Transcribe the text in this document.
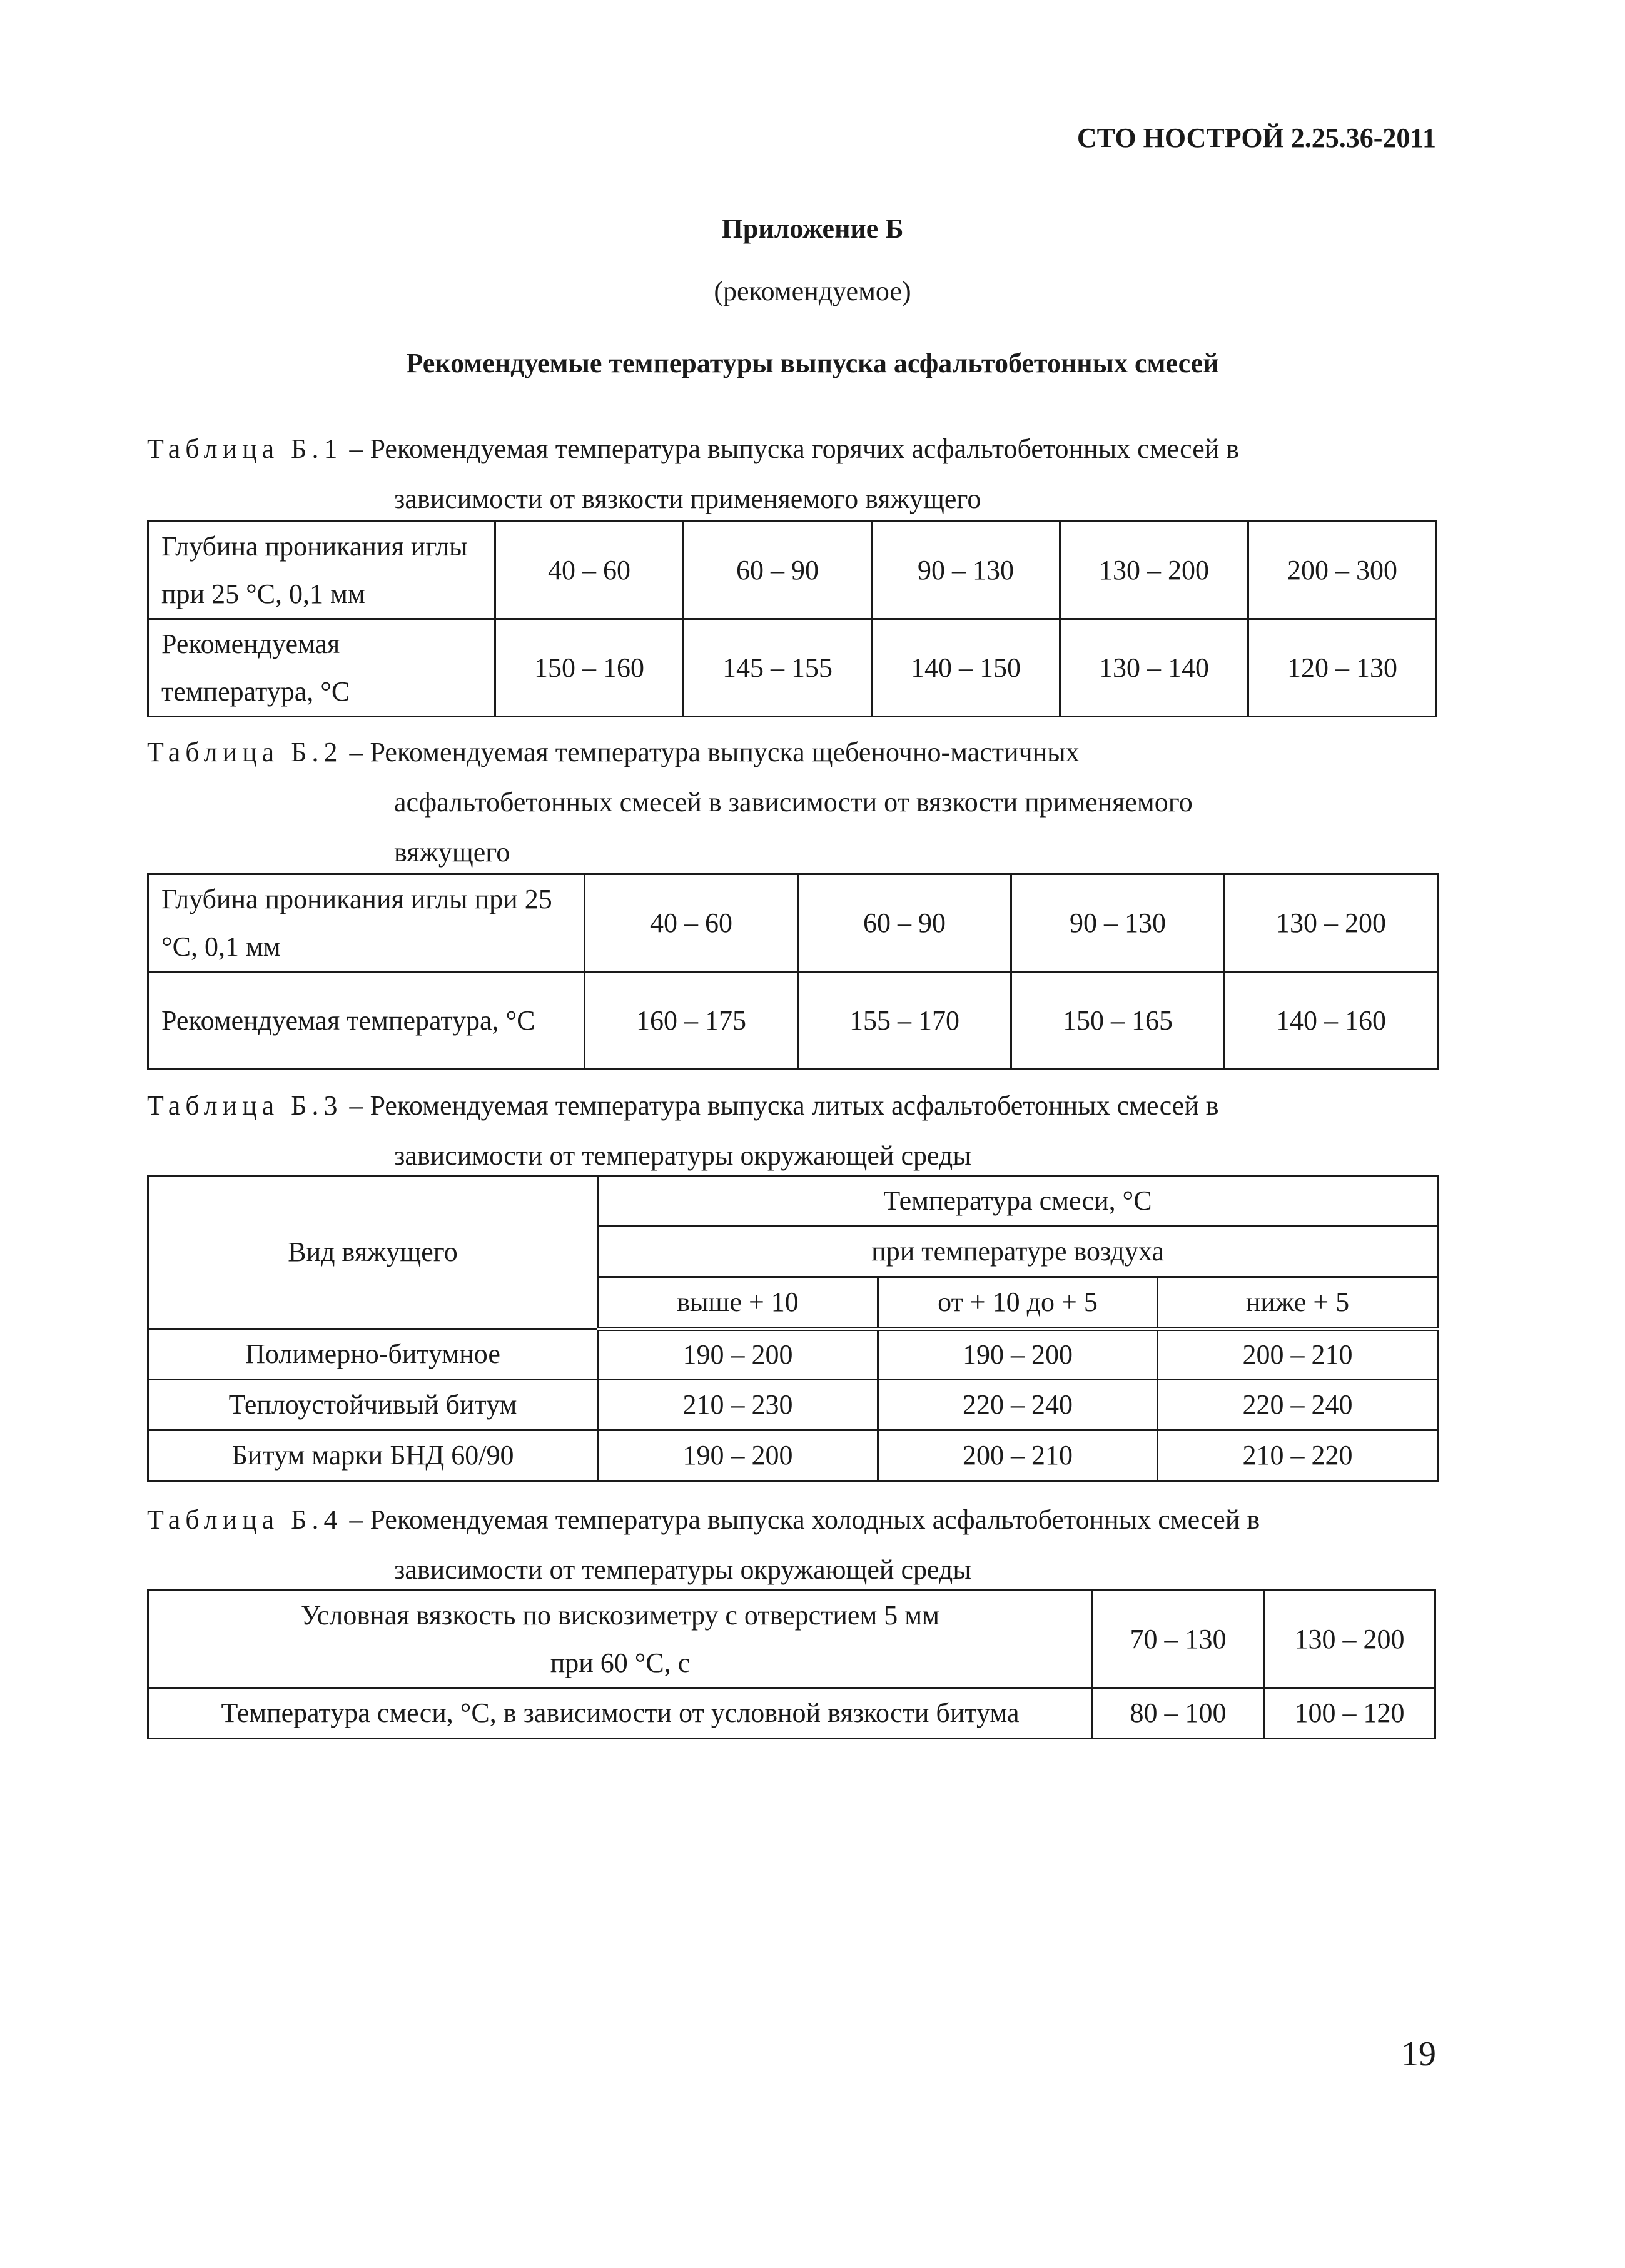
СТО НОСТРОЙ 2.25.36-2011
Приложение Б
(рекомендуемое)
Рекомендуемые температуры выпуска асфальтобетонных смесей
Таблица Б.1 – Рекомендуемая температура выпуска горячих асфальтобетонных смесей в
зависимости от вязкости применяемого вяжущего
Глубина проникания иглы при 25 °С, 0,1 мм	40 – 60	60 – 90	90 – 130	130 – 200	200 – 300
Рекомендуемая температура, °С	150 – 160	145 – 155	140 – 150	130 – 140	120 – 130
Таблица Б.2 – Рекомендуемая температура выпуска щебеночно-мастичных
асфальтобетонных смесей в зависимости от вязкости применяемого
вяжущего
Глубина проникания иглы при 25 °С, 0,1 мм	40 – 60	60 – 90	90 – 130	130 – 200
Рекомендуемая температура, °С	160 – 175	155 – 170	150 – 165	140 – 160
Таблица Б.3 – Рекомендуемая температура выпуска литых асфальтобетонных смесей в
зависимости от температуры окружающей среды
Вид вяжущего	Температура смеси, °С		
	при температуре воздуха		
	выше + 10	от + 10 до + 5	ниже + 5
Полимерно-битумное	190 – 200	190 – 200	200 – 210
Теплоустойчивый битум	210 – 230	220 – 240	220 – 240
Битум марки БНД 60/90	190 – 200	200 – 210	210 – 220
Таблица Б.4 – Рекомендуемая температура выпуска холодных асфальтобетонных смесей в
зависимости от температуры окружающей среды
Условная вязкость по вискозиметру с отверстием 5 мм
при 60 °С, с	70 – 130	130 – 200
Температура смеси, °С, в зависимости от условной вязкости битума	80 – 100	100 – 120
19
